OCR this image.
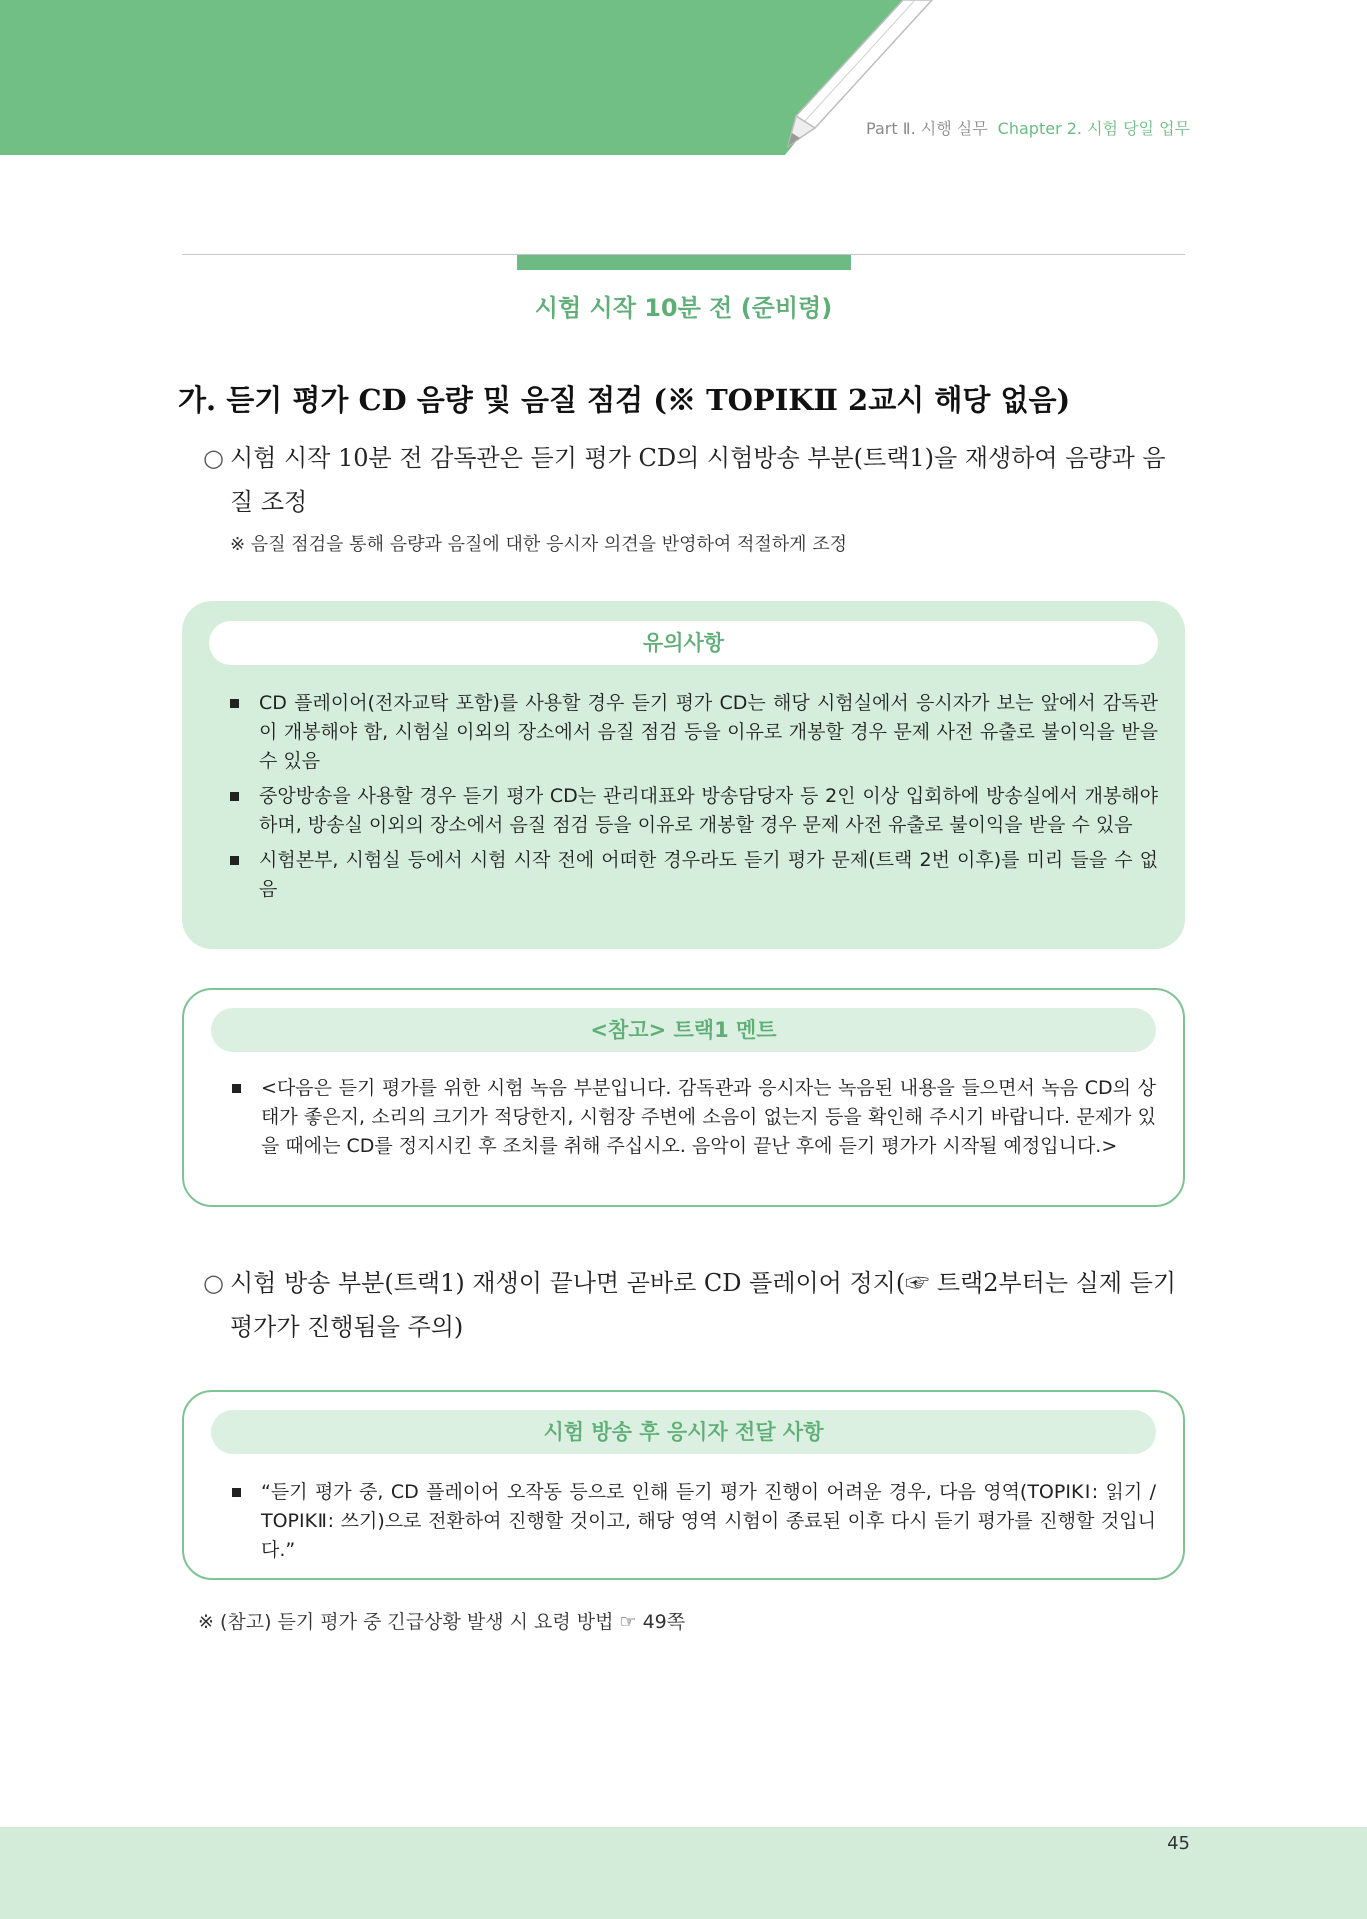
Part Ⅱ. 시행 실무 Chapter 2. 시험 당일 업무
시험 시작 10분 전 (준비령)
가. 듣기 평가 CD 음량 및 음질 점검 (※ TOPIKⅡ 2교시 해당 없음)
○ 시험 시작 10분 전 감독관은 듣기 평가 CD의 시험방송 부분(트랙1)을 재생하여 음량과 음질 조정
※ 음질 점검을 통해 음량과 음질에 대한 응시자 의견을 반영하여 적절하게 조정
유의사항
CD 플레이어(전자교탁 포함)를 사용할 경우 듣기 평가 CD는 해당 시험실에서 응시자가 보는 앞에서 감독관이 개봉해야 함, 시험실 이외의 장소에서 음질 점검 등을 이유로 개봉할 경우 문제 사전 유출로 불이익을 받을 수 있음
중앙방송을 사용할 경우 듣기 평가 CD는 관리대표와 방송담당자 등 2인 이상 입회하에 방송실에서 개봉해야 하며, 방송실 이외의 장소에서 음질 점검 등을 이유로 개봉할 경우 문제 사전 유출로 불이익을 받을 수 있음
시험본부, 시험실 등에서 시험 시작 전에 어떠한 경우라도 듣기 평가 문제(트랙 2번 이후)를 미리 들을 수 없음
<참고> 트랙1 멘트
<다음은 듣기 평가를 위한 시험 녹음 부분입니다. 감독관과 응시자는 녹음된 내용을 들으면서 녹음 CD의 상태가 좋은지, 소리의 크기가 적당한지, 시험장 주변에 소음이 없는지 등을 확인해 주시기 바랍니다. 문제가 있을 때에는 CD를 정지시킨 후 조치를 취해 주십시오. 음악이 끝난 후에 듣기 평가가 시작될 예정입니다.>
○ 시험 방송 부분(트랙1) 재생이 끝나면 곧바로 CD 플레이어 정지(☞ 트랙2부터는 실제 듣기 평가가 진행됨을 주의)
시험 방송 후 응시자 전달 사항
“듣기 평가 중, CD 플레이어 오작동 등으로 인해 듣기 평가 진행이 어려운 경우, 다음 영역(TOPIKⅠ: 읽기 / TOPIKⅡ: 쓰기)으로 전환하여 진행할 것이고, 해당 영역 시험이 종료된 이후 다시 듣기 평가를 진행할 것입니다.”
※ (참고) 듣기 평가 중 긴급상황 발생 시 요령 방법 ☞ 49쪽
45
